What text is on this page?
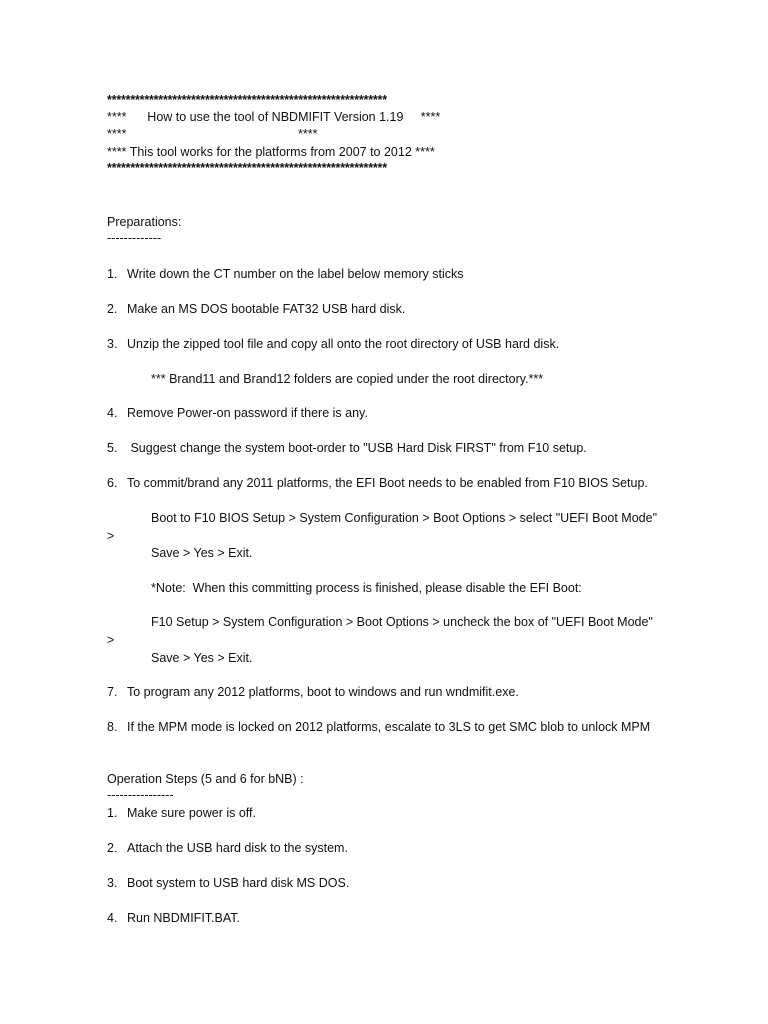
************************************************************
****      How to use the tool of NBDMIFIT Version 1.19     ****
****	****
**** This tool works for the platforms from 2007 to 2012 ****
************************************************************
Preparations:
-------------
1. Write down the CT number on the label below memory sticks
2. Make an MS DOS bootable FAT32 USB hard disk.
3. Unzip the zipped tool file and copy all onto the root directory of USB hard disk.
*** Brand11 and Brand12 folders are copied under the root directory.***
4. Remove Power-on password if there is any.
5. Suggest change the system boot-order to "USB Hard Disk FIRST" from F10 setup.
6. To commit/brand any 2011 platforms, the EFI Boot needs to be enabled from F10 BIOS Setup.
Boot to F10 BIOS Setup > System Configuration > Boot Options > select "UEFI Boot Mode"
>
Save > Yes > Exit.
*Note:  When this committing process is finished, please disable the EFI Boot:
F10 Setup > System Configuration > Boot Options > uncheck the box of "UEFI Boot Mode"
>
Save > Yes > Exit.
7. To program any 2012 platforms, boot to windows and run wndmifit.exe.
8. If the MPM mode is locked on 2012 platforms, escalate to 3LS to get SMC blob to unlock MPM
Operation Steps (5 and 6 for bNB) :
----------------
1. Make sure power is off.
2. Attach the USB hard disk to the system.
3. Boot system to USB hard disk MS DOS.
4. Run NBDMIFIT.BAT.
